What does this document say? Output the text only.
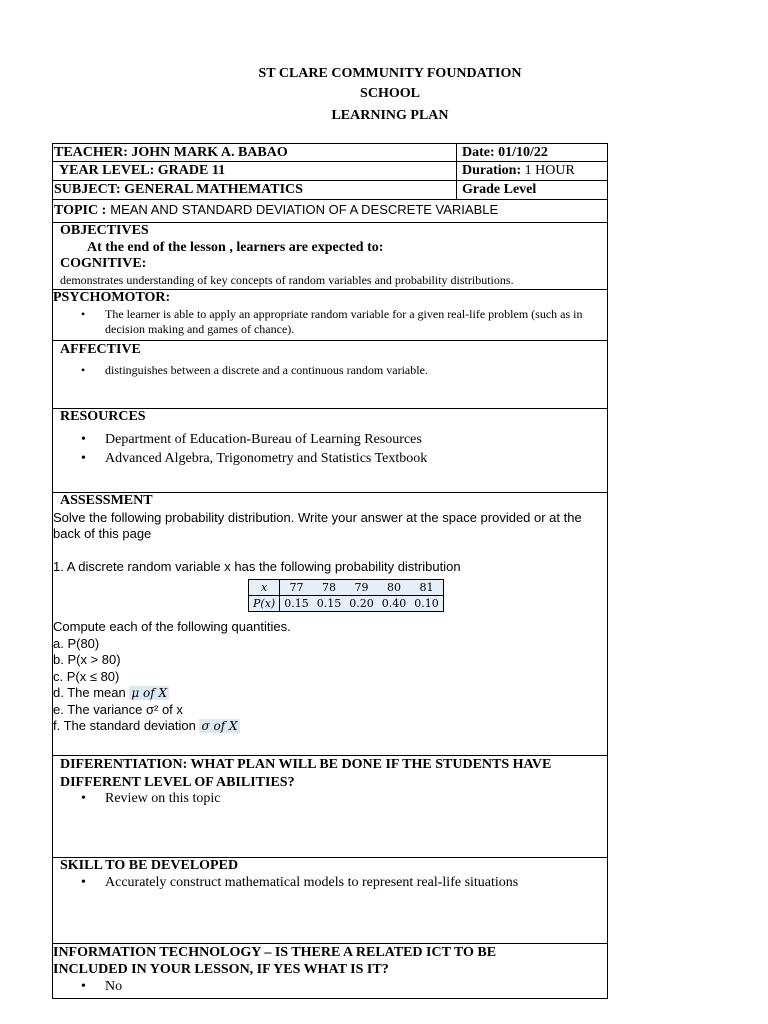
ST CLARE COMMUNITY FOUNDATION
SCHOOL
LEARNING PLAN
TEACHER: JOHN MARK A. BABAO	Date: 01/10/22
YEAR LEVEL: GRADE 11	Duration: 1 HOUR
SUBJECT: GENERAL MATHEMATICS	Grade Level
TOPIC : MEAN AND STANDARD DEVIATION OF A DESCRETE VARIABLE
OBJECTIVES
At the end of the lesson , learners are expected to:
COGNITIVE:
demonstrates understanding of key concepts of random variables and probability distributions.
PSYCHOMOTOR:
• The learner is able to apply an appropriate random variable for a given real-life problem (such as in decision making and games of chance).
AFFECTIVE
• distinguishes between a discrete and a continuous random variable.
RESOURCES
• Department of Education-Bureau of Learning Resources
• Advanced Algebra, Trigonometry and Statistics Textbook
ASSESSMENT
Solve the following probability distribution. Write your answer at the space provided or at the back of this page
1. A discrete random variable x has the following probability distribution
x	77	78	79	80	81
P(x)	0.15	0.15	0.20	0.40	0.10
Compute each of the following quantities.
a. P(80)
b. P(x > 80)
c. P(x ≤ 80)
d. The mean μ of X
e. The variance σ² of x
f. The standard deviation σ of X
DIFERENTIATION: WHAT PLAN WILL BE DONE IF THE STUDENTS HAVE
DIFFERENT LEVEL OF ABILITIES?
• Review on this topic
SKILL TO BE DEVELOPED
• Accurately construct mathematical models to represent real-life situations
INFORMATION TECHNOLOGY – IS THERE A RELATED ICT TO BE
INCLUDED IN YOUR LESSON, IF YES WHAT IS IT?
• No
